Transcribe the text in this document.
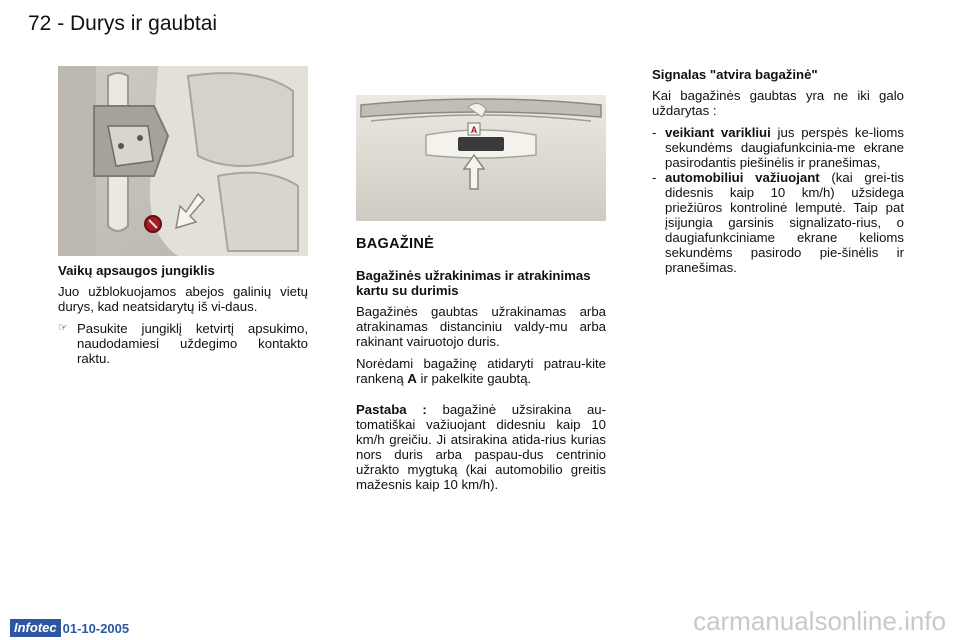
72 - Durys ir gaubtai
A
Vaikų apsaugos jungiklis

Juo užblokuojamos abejos galinių vietų durys, kad neatsidarytų iš vi-daus.

☞ Pasukite jungiklį ketvirtį apsukimo, naudodamiesi uždegimo kontakto raktu.
BAGAŽINĖ
Bagažinės užrakinimas ir atrakinimas kartu su durimis

Bagažinės gaubtas užrakinamas arba atrakinamas distanciniu valdy-mu arba rakinant vairuotojo duris.

Norėdami bagažinę atidaryti patrau-kite rankeną A ir pakelkite gaubtą.

Pastaba : bagažinė užsirakina au-tomatiškai važiuojant didesniu kaip 10 km/h greičiu. Ji atsirakina atida-rius kurias nors duris arba paspau-dus centrinio užrakto mygtuką (kai automobilio greitis mažesnis kaip 10 km/h).

Signalas "atvira bagažinė"

Kai bagažinės gaubtas yra ne iki galo uždarytas :

- veikiant varikliui jus perspės ke-lioms sekundėms daugiafunkcinia-me ekrane pasirodantis piešinėlis ir pranešimas,
- automobiliui važiuojant (kai grei-tis didesnis kaip 10 km/h) užsidega priežiūros kontrolinė lemputė. Taip pat įsijungia garsinis signalizato-rius, o daugiafunkciniame ekrane kelioms sekundėms pasirodo pie-šinėlis ir pranešimas.
Infotec 01-10-2005	carmanualsonline.info
